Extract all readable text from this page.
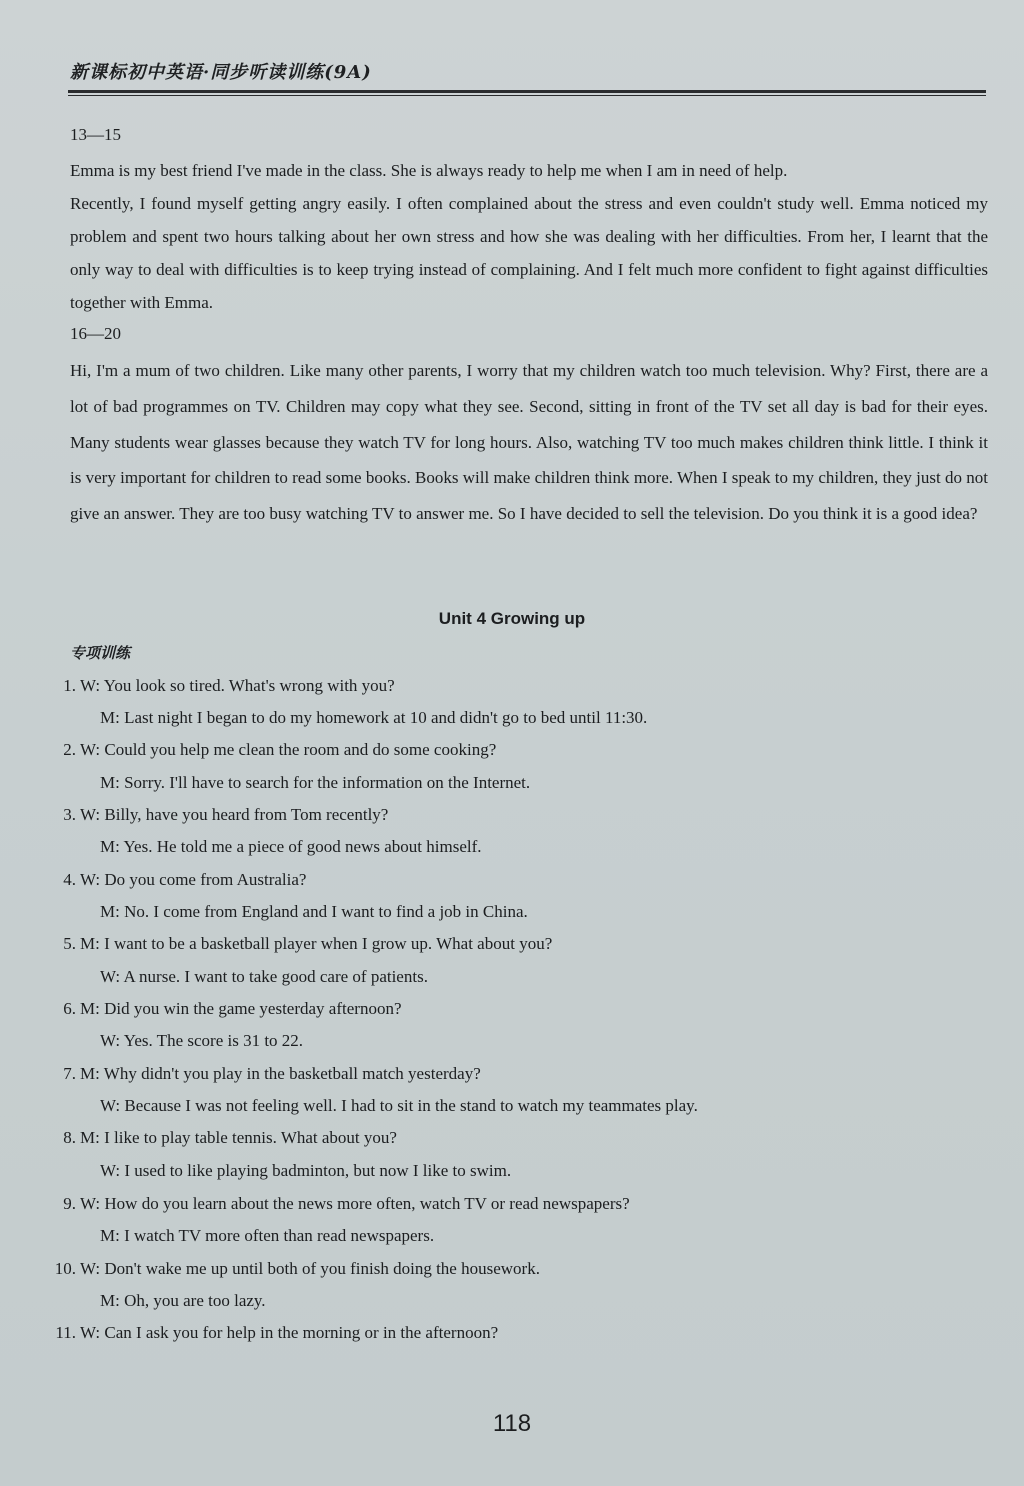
新课标初中英语·同步听读训练(9A)
13—15

Emma is my best friend I've made in the class. She is always ready to help me when I am in need of help.

Recently, I found myself getting angry easily. I often complained about the stress and even couldn't study well. Emma noticed my problem and spent two hours talking about her own stress and how she was dealing with her difficulties. From her, I learnt that the only way to deal with difficulties is to keep trying instead of complaining. And I felt much more confident to fight against difficulties together with Emma.

16—20

Hi, I'm a mum of two children. Like many other parents, I worry that my children watch too much television. Why? First, there are a lot of bad programmes on TV. Children may copy what they see. Second, sitting in front of the TV set all day is bad for their eyes. Many students wear glasses because they watch TV for long hours. Also, watching TV too much makes children think little. I think it is very important for children to read some books. Books will make children think more. When I speak to my children, they just do not give an answer. They are too busy watching TV to answer me. So I have decided to sell the television. Do you think it is a good idea?

Unit 4 Growing up
专项训练
1. W: You look so tired. What's wrong with you?
M: Last night I began to do my homework at 10 and didn't go to bed until 11:30.
2. W: Could you help me clean the room and do some cooking?
M: Sorry. I'll have to search for the information on the Internet.
3. W: Billy, have you heard from Tom recently?
M: Yes. He told me a piece of good news about himself.
4. W: Do you come from Australia?
M: No. I come from England and I want to find a job in China.
5. M: I want to be a basketball player when I grow up. What about you?
W: A nurse. I want to take good care of patients.
6. M: Did you win the game yesterday afternoon?
W: Yes. The score is 31 to 22.
7. M: Why didn't you play in the basketball match yesterday?
W: Because I was not feeling well. I had to sit in the stand to watch my teammates play.
8. M: I like to play table tennis. What about you?
W: I used to like playing badminton, but now I like to swim.
9. W: How do you learn about the news more often, watch TV or read newspapers?
M: I watch TV more often than read newspapers.
10. W: Don't wake me up until both of you finish doing the housework.
M: Oh, you are too lazy.
11. W: Can I ask you for help in the morning or in the afternoon?
118
